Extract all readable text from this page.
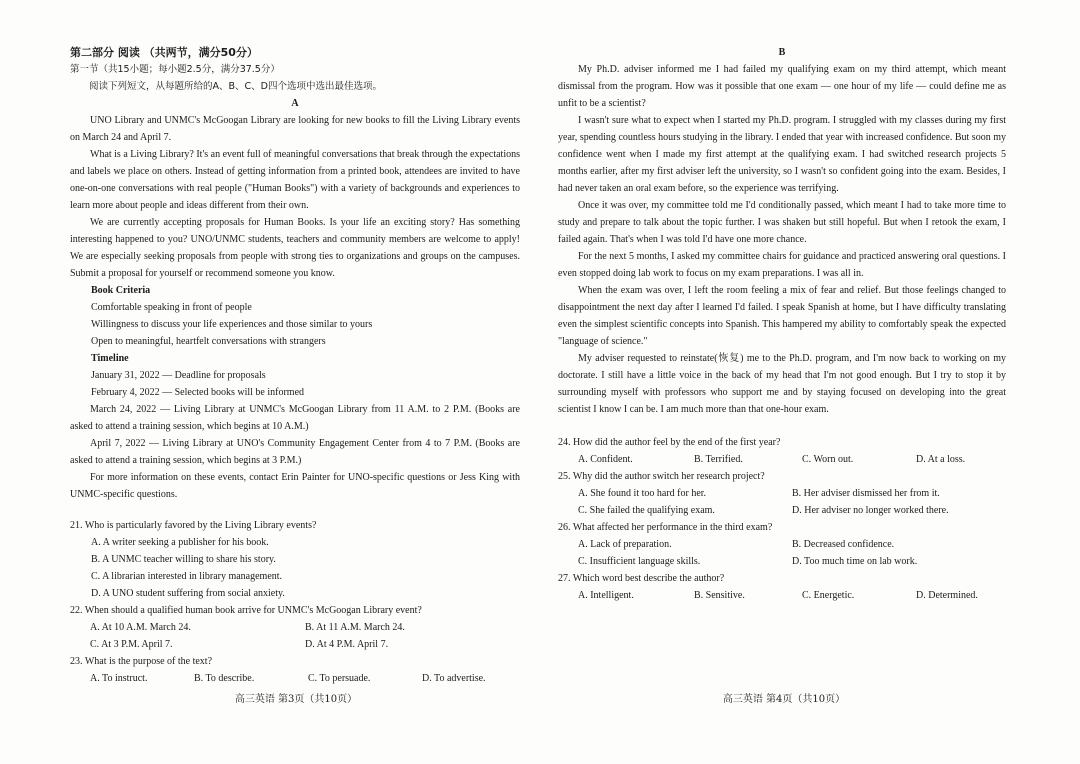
第二部分 阅读 （共两节，满分50分）

第一节（共15小题；每小题2.5分，满分37.5分）

阅读下列短文，从每题所给的A、B、C、D四个选项中选出最佳选项。

A

UNO Library and UNMC's McGoogan Library are looking for new books to fill the Living Library events on March 24 and April 7.

What is a Living Library? It's an event full of meaningful conversations that break through the expectations and labels we place on others. Instead of getting information from a printed book, attendees are invited to have one-on-one conversations with real people ("Human Books") with a variety of backgrounds and experiences to learn more about people and ideas different from their own.

We are currently accepting proposals for Human Books. Is your life an exciting story? Has something interesting happened to you? UNO/UNMC students, teachers and community members are welcome to apply! We are especially seeking proposals from people with strong ties to organizations and groups on the campuses. Submit a proposal for yourself or recommend someone you know.

Book Criteria

Comfortable speaking in front of people

Willingness to discuss your life experiences and those similar to yours

Open to meaningful, heartfelt conversations with strangers

Timeline

January 31, 2022 — Deadline for proposals

February 4, 2022 — Selected books will be informed

March 24, 2022 — Living Library at UNMC's McGoogan Library from 11 A.M. to 2 P.M. (Books are asked to attend a training session, which begins at 10 A.M.)

April 7, 2022 — Living Library at UNO's Community Engagement Center from 4 to 7 P.M. (Books are asked to attend a training session, which begins at 3 P.M.)

For more information on these events, contact Erin Painter for UNO-specific questions or Jess King with UNMC-specific questions.

21. Who is particularly favored by the Living Library events?

A. A writer seeking a publisher for his book.

B. A UNMC teacher willing to share his story.

C. A librarian interested in library management.

D. A UNO student suffering from social anxiety.

22. When should a qualified human book arrive for UNMC's McGoogan Library event?

A. At 10 A.M. March 24.	B. At 11 A.M. March 24.
C. At 3 P.M. April 7.	D. At 4 P.M. April 7.

23. What is the purpose of the text?

A. To instruct.	B. To describe.	C. To persuade.	D. To advertise.

B

My Ph.D. adviser informed me I had failed my qualifying exam on my third attempt, which meant dismissal from the program. How was it possible that one exam — one hour of my life — could define me as unfit to be a scientist?

I wasn't sure what to expect when I started my Ph.D. program. I struggled with my classes during my first year, spending countless hours studying in the library. I ended that year with increased confidence. But soon my confidence went when I made my first attempt at the qualifying exam. I had switched research projects 5 months earlier, after my first adviser left the university, so I wasn't so confident going into the exam. Besides, I had never taken an oral exam before, so the experience was terrifying.

Once it was over, my committee told me I'd conditionally passed, which meant I had to take more time to study and prepare to talk about the topic further. I was shaken but still hopeful. But when I retook the exam, I failed again. That's when I was told I'd have one more chance.

For the next 5 months, I asked my committee chairs for guidance and practiced answering oral questions. I even stopped doing lab work to focus on my exam preparations. I was all in.

When the exam was over, I left the room feeling a mix of fear and relief. But those feelings changed to disappointment the next day after I learned I'd failed. I speak Spanish at home, but I have difficulty translating even the simplest scientific concepts into Spanish. This hampered my ability to comfortably speak the expected "language of science."

My adviser requested to reinstate(恢复) me to the Ph.D. program, and I'm now back to working on my doctorate. I still have a little voice in the back of my head that I'm not good enough. But I try to stop it by surrounding myself with professors who support me and by staying focused on developing into the great scientist I know I can be. I am much more than that one-hour exam.

24. How did the author feel by the end of the first year?

A. Confident.	B. Terrified.	C. Worn out.	D. At a loss.

25. Why did the author switch her research project?

A. She found it too hard for her.	B. Her adviser dismissed her from it.
C. She failed the qualifying exam.	D. Her adviser no longer worked there.

26. What affected her performance in the third exam?

A. Lack of preparation.	B. Decreased confidence.
C. Insufficient language skills.	D. Too much time on lab work.

27. Which word best describe the author?

A. Intelligent.	B. Sensitive.	C. Energetic.	D. Determined.
高三英语 第3页（共10页）	高三英语 第4页（共10页）
